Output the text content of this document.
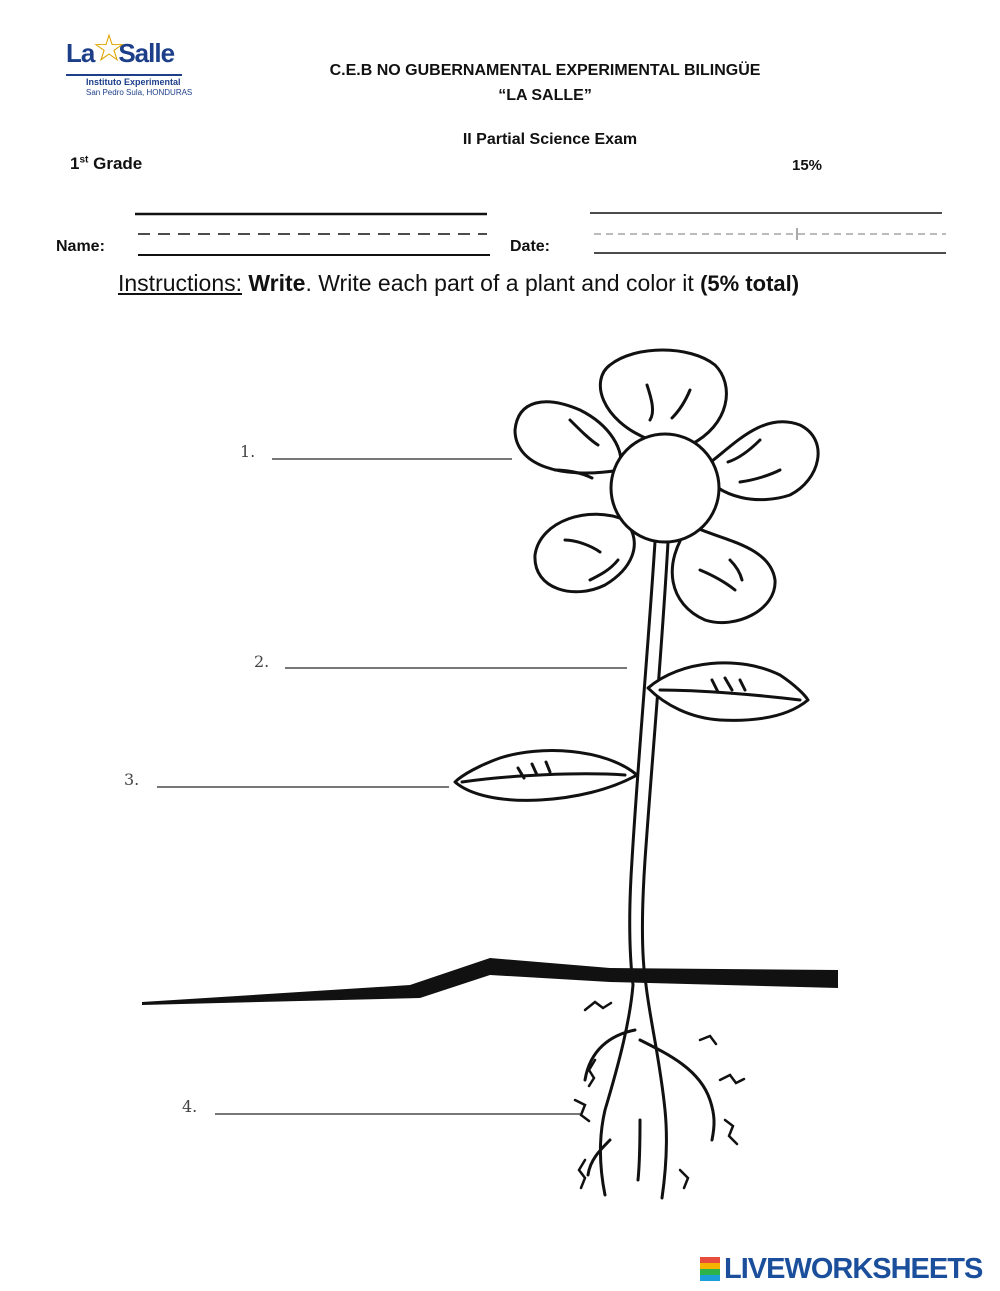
La Salle
☆
Instituto Experimental
San Pedro Sula, HONDURAS
C.E.B NO GUBERNAMENTAL EXPERIMENTAL BILINGÜE
“LA SALLE”
II Partial Science Exam
1st Grade	15%
Name:	Date:
Instructions: Write. Write each part of a plant and color it (5% total)
1.
2.
3.
4.
LIVEWORKSHEETS
